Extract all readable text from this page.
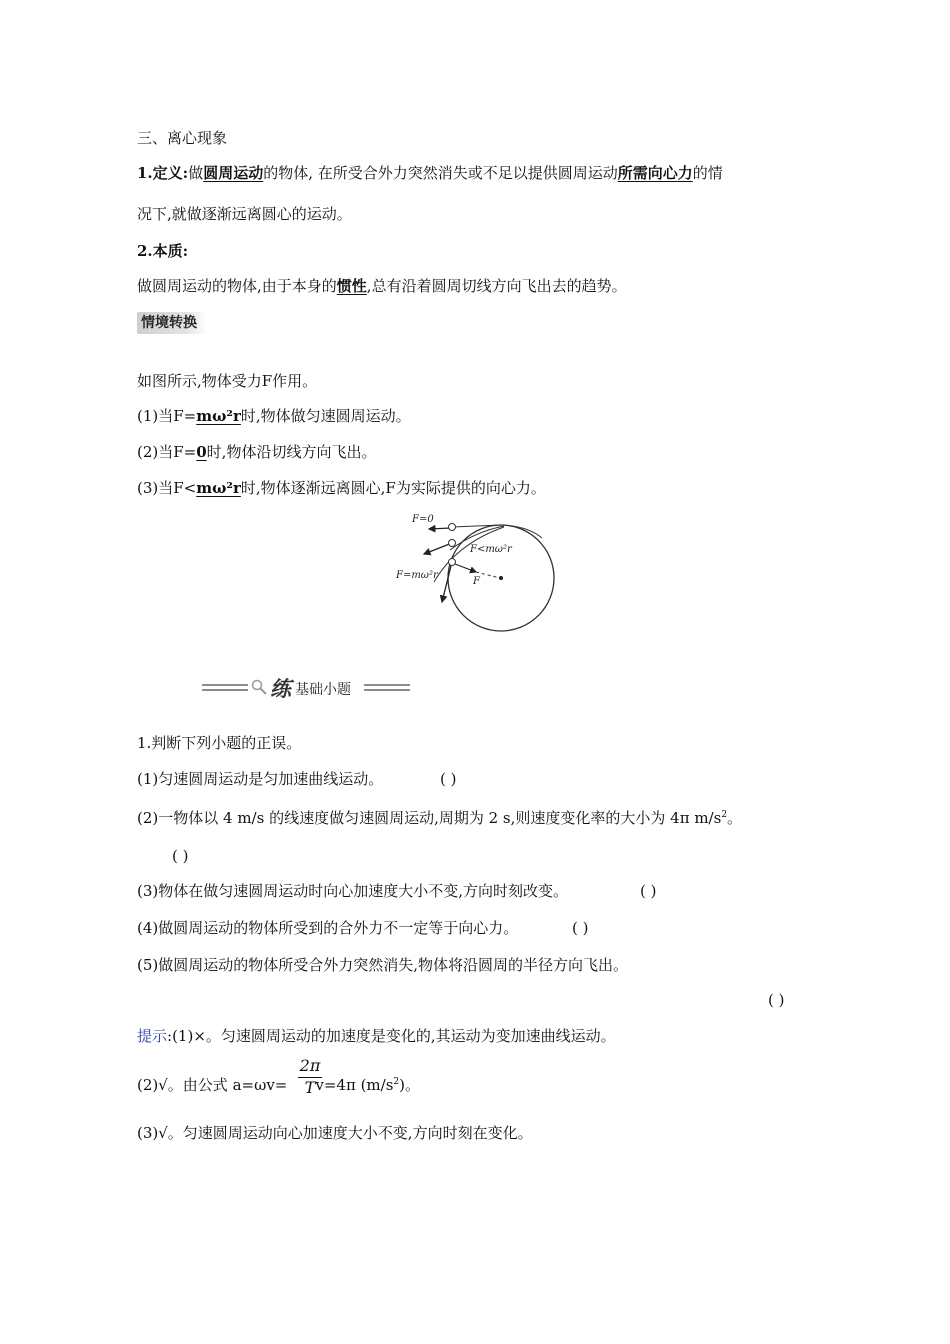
三、离心现象
1.定义:做圆周运动的物体, 在所受合外力突然消失或不足以提供圆周运动所需向心力的情
况下,就做逐渐远离圆心的运动。
2.本质:
做圆周运动的物体,由于本身的惯性,总有沿着圆周切线方向飞出去的趋势。
情境转换
如图所示,物体受力F作用。
(1)当F=mω²r时,物体做匀速圆周运动。
(2)当F=0时,物体沿切线方向飞出。
(3)当F<mω²r时,物体逐渐远离圆心,F为实际提供的向心力。
F=0
F<mω²r
F
F=mω²r
练 基础小题
1.判断下列小题的正误。
(1)匀速圆周运动是匀加速曲线运动。	( )
(2)一物体以 4 m/s 的线速度做匀速圆周运动,周期为 2 s,则速度变化率的大小为 4π $m/s^2$。
( )
(3)物体在做匀速圆周运动时向心加速度大小不变,方向时刻改变。	( )
(4)做圆周运动的物体所受到的合外力不一定等于向心力。	( )
(5)做圆周运动的物体所受合外力突然消失,物体将沿圆周的半径方向飞出。
( )
提示:(1)×。匀速圆周运动的加速度是变化的,其运动为变加速曲线运动。
(2)√。由公式 a=ωv= v=4π $(m/s^2)$。
2π
T
(3)√。匀速圆周运动向心加速度大小不变,方向时刻在变化。
